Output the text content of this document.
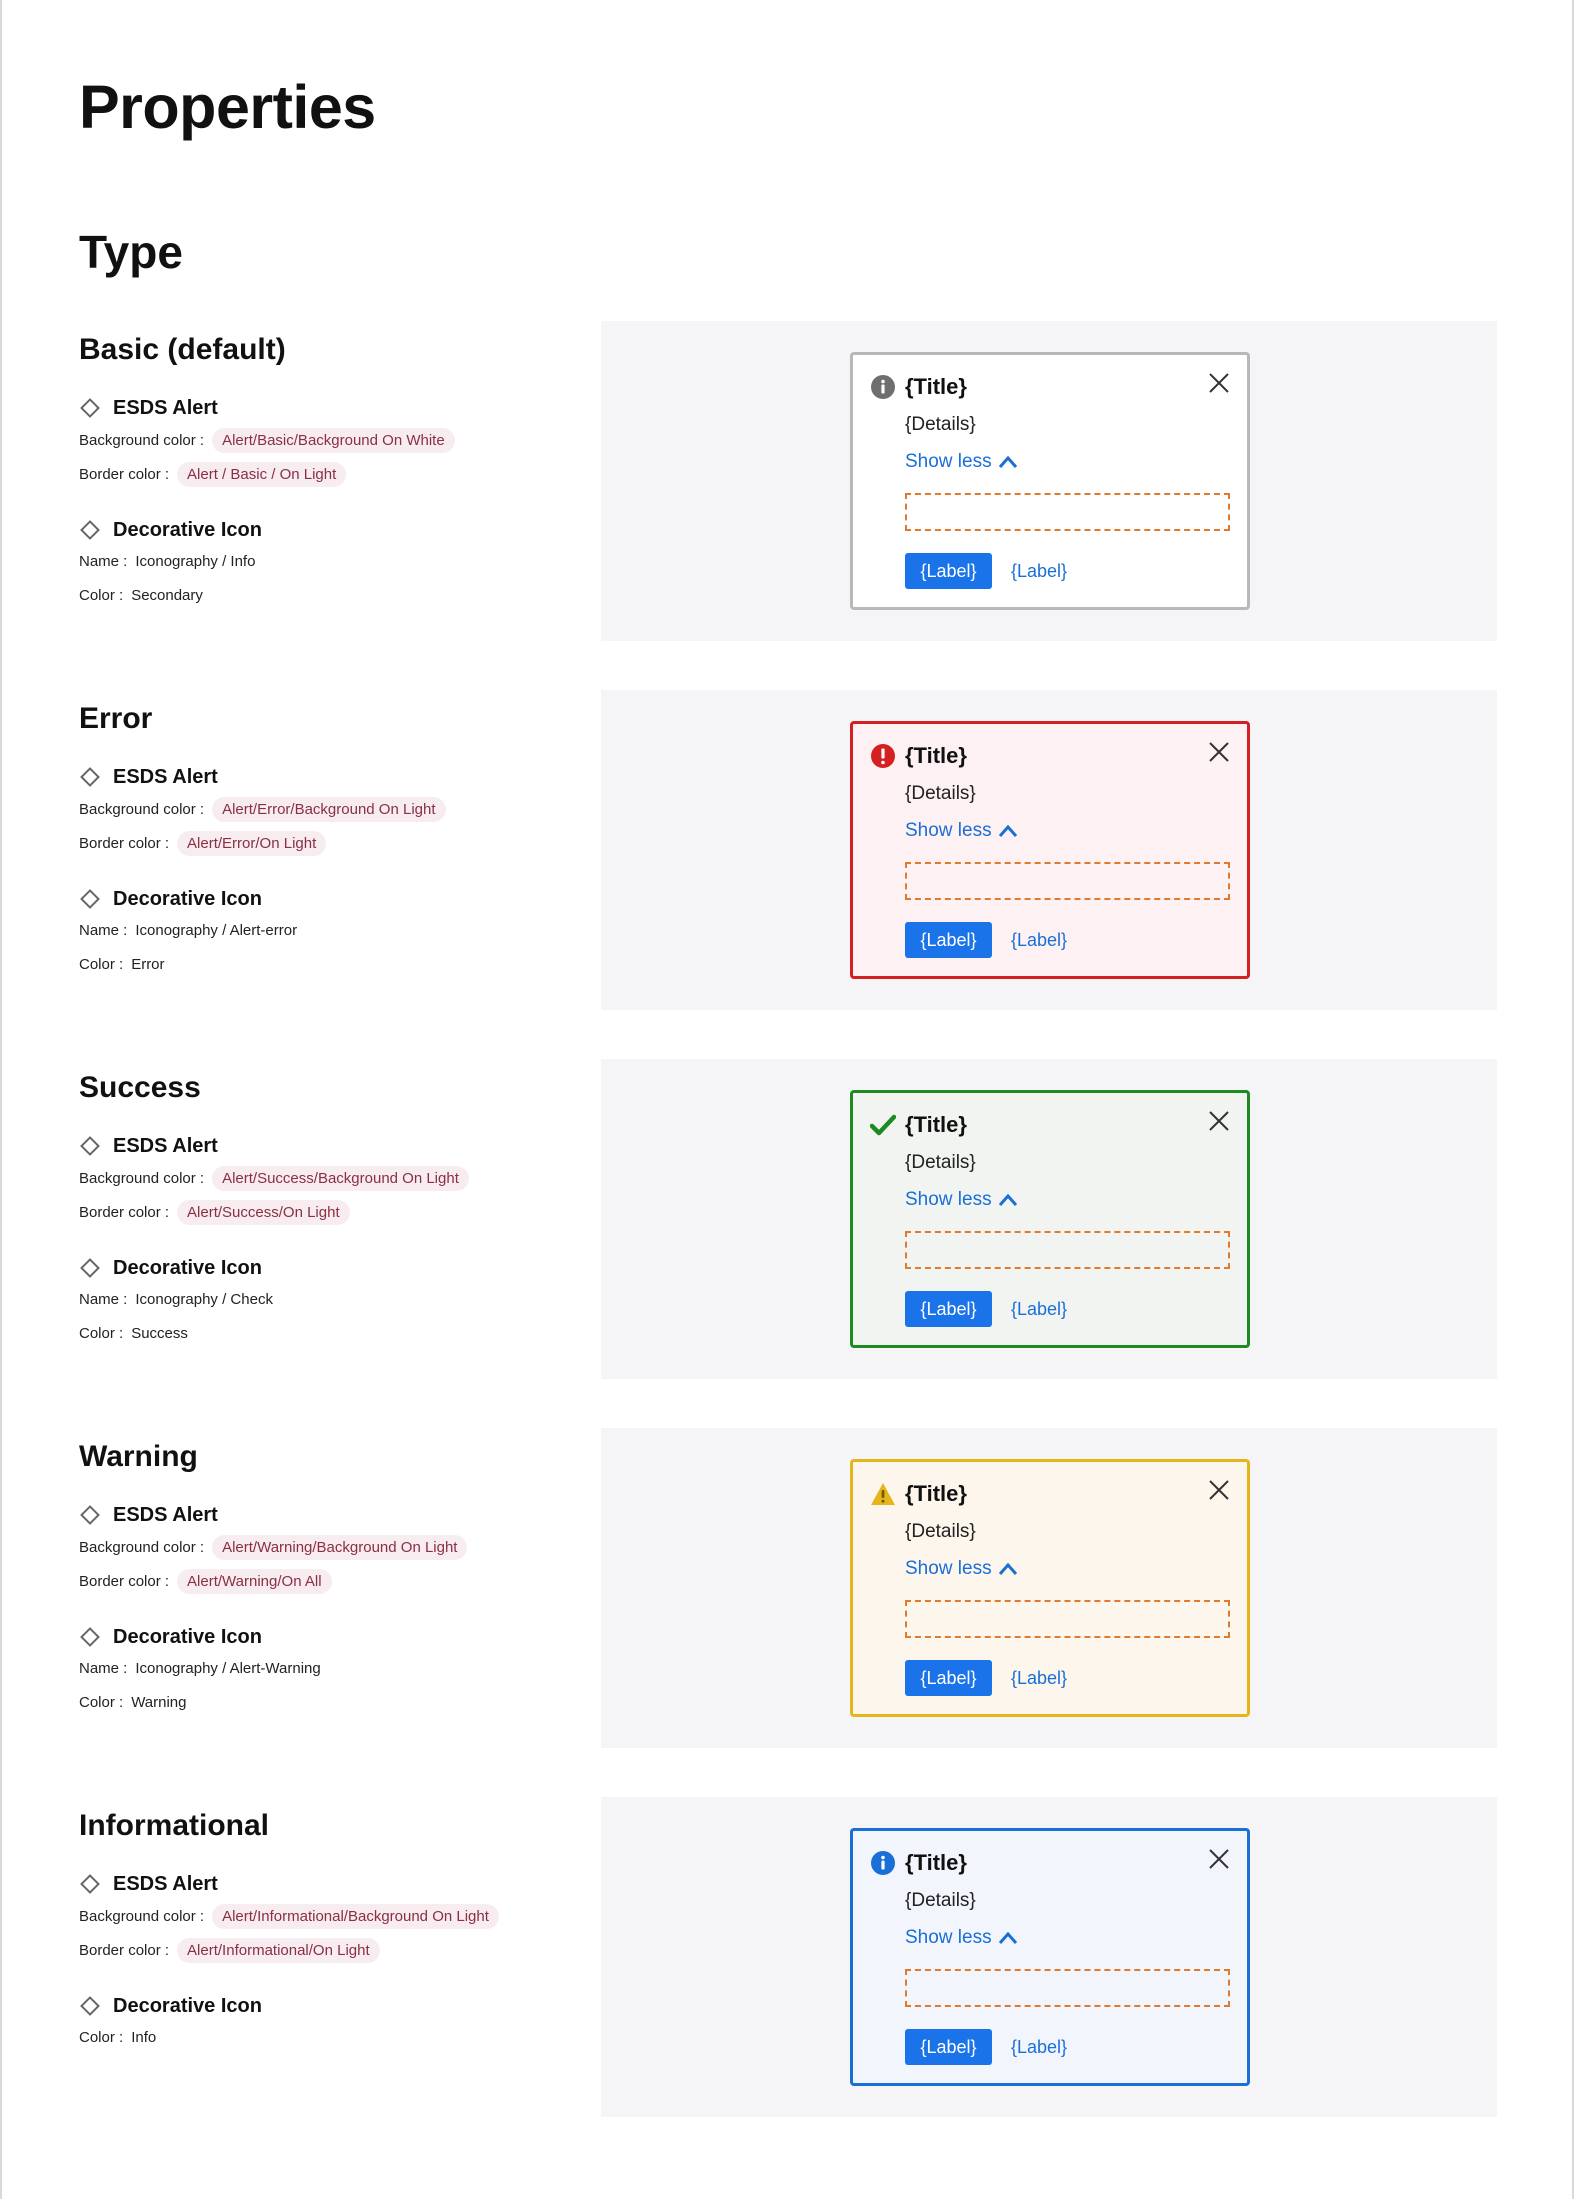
Properties
Type
Basic (default)
ESDS Alert
Background color :	Alert/Basic/Background On White
Border color :	Alert / Basic / On Light
Decorative Icon
Name : Iconography / Info
Color : Secondary
{Title}
{Details}
Show less
{Label}	{Label}
Error
ESDS Alert
Background color :	Alert/Error/Background On Light
Border color :	Alert/Error/On Light
Decorative Icon
Name : Iconography / Alert-error
Color : Error
{Title}
{Details}
Show less
{Label}	{Label}
Success
ESDS Alert
Background color :	Alert/Success/Background On Light
Border color :	Alert/Success/On Light
Decorative Icon
Name : Iconography / Check
Color : Success
{Title}
{Details}
Show less
{Label}	{Label}
Warning
ESDS Alert
Background color :	Alert/Warning/Background On Light
Border color :	Alert/Warning/On All
Decorative Icon
Name : Iconography / Alert-Warning
Color : Warning
{Title}
{Details}
Show less
{Label}	{Label}
Informational
ESDS Alert
Background color :	Alert/Informational/Background On Light
Border color :	Alert/Informational/On Light
Decorative Icon
Color : Info
{Title}
{Details}
Show less
{Label}	{Label}
